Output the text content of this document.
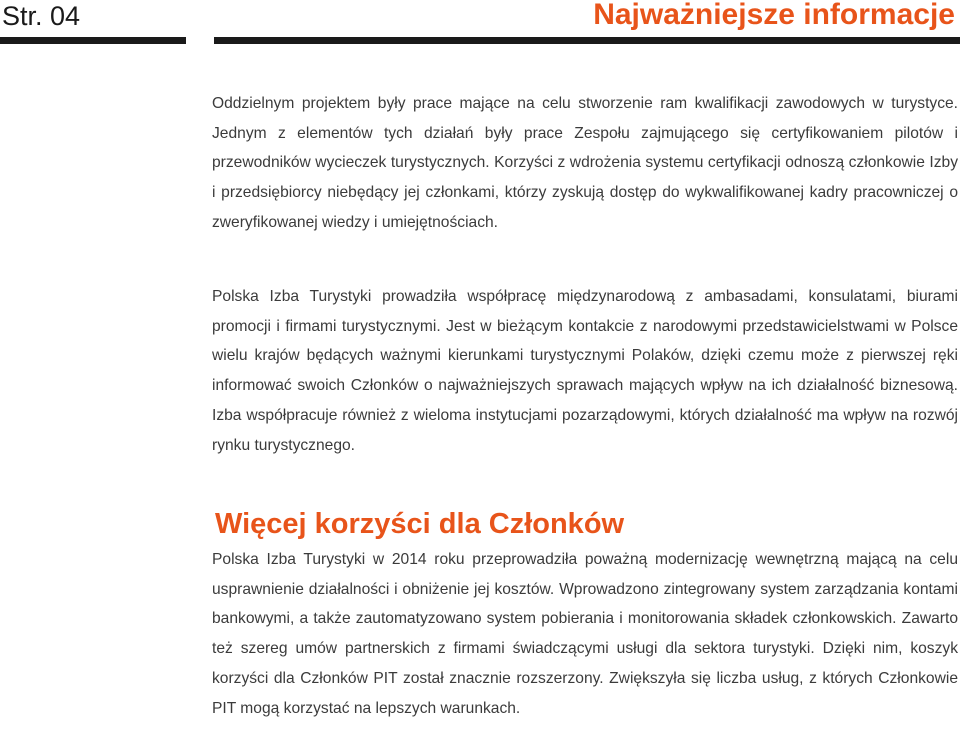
Str. 04	Najważniejsze informacje

Oddzielnym projektem były prace mające na celu stworzenie ram kwalifikacji zawodowych w turystyce. Jednym z elementów tych działań były prace Zespołu zajmującego się certyfikowaniem pilotów i przewodników wycieczek turystycznych. Korzyści z wdrożenia systemu certyfikacji odnoszą członkowie Izby i przedsiębiorcy niebędący jej członkami, którzy zyskują dostęp do wykwalifikowanej kadry pracowniczej o zweryfikowanej wiedzy i umiejętnościach.

Polska Izba Turystyki prowadziła współpracę międzynarodową z ambasadami, konsulatami, biurami promocji i firmami turystycznymi. Jest w bieżącym kontakcie z narodowymi przedstawicielstwami w Polsce wielu krajów będących ważnymi kierunkami turystycznymi Polaków, dzięki czemu może z pierwszej ręki informować swoich Członków o najważniejszych sprawach mających wpływ na ich działalność biznesową. Izba współpracuje również z wieloma instytucjami pozarządowymi, których działalność ma wpływ na rozwój rynku turystycznego.

Więcej korzyści dla Członków

Polska Izba Turystyki w 2014 roku przeprowadziła poważną modernizację wewnętrzną mającą na celu usprawnienie działalności i obniżenie jej kosztów. Wprowadzono zintegrowany system zarządzania kontami bankowymi, a także zautomatyzowano system pobierania i monitorowania składek członkowskich. Zawarto też szereg umów partnerskich z firmami świadczącymi usługi dla sektora turystyki. Dzięki nim, koszyk korzyści dla Członków PIT został znacznie rozszerzony. Zwiększyła się liczba usług, z których Członkowie PIT mogą korzystać na lepszych warunkach.
